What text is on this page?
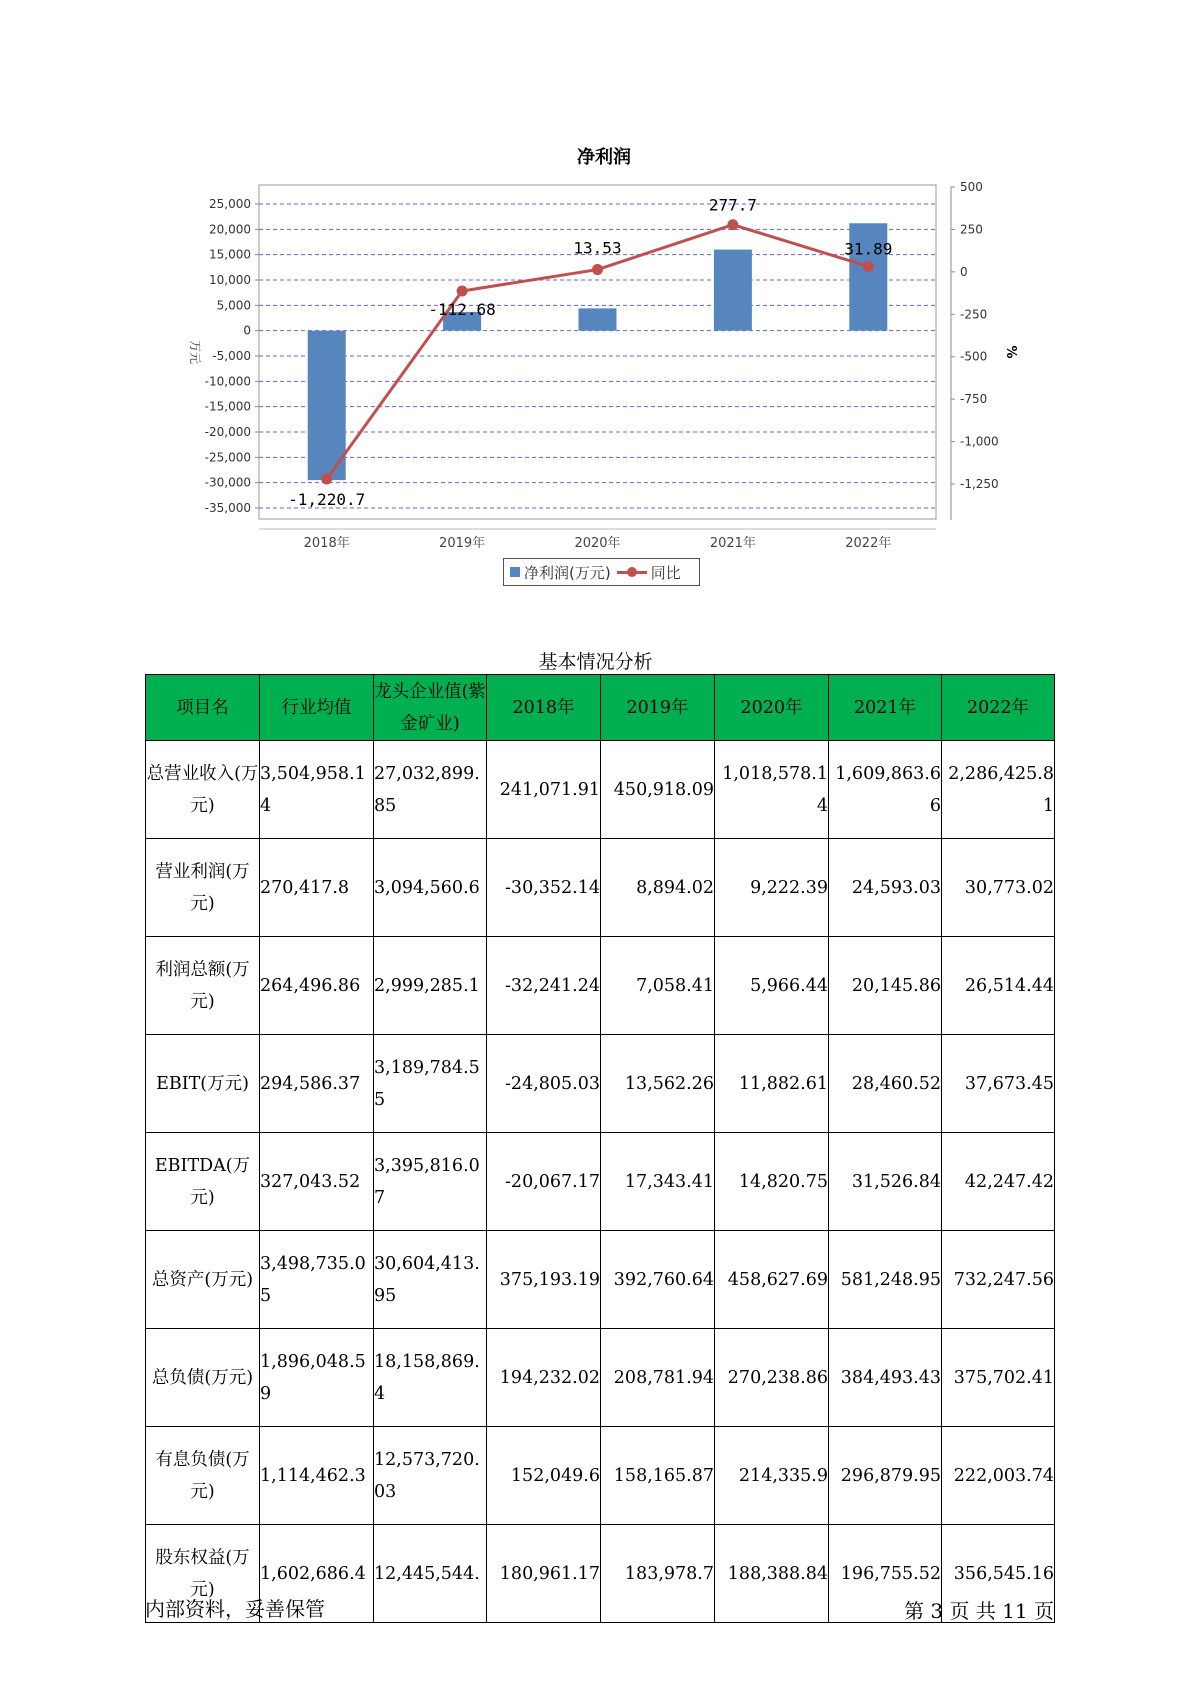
净利润
25,000
20,000
15,000
10,000
5,000
0
-5,000
-10,000
-15,000
-20,000
-25,000
-30,000
-35,000
500
250
0
-250
-500
-750
-1,000
-1,250
万元	%
2018年	2019年	2020年	2021年	2022年
-1,220.7
-112.68
13.53
277.7
31.89
净利润(万元)	同比
基本情况分析
项目名	行业均值	龙头企业值(紫金矿业)	2018年	2019年	2020年	2021年	2022年
总营业收入(万元)	3,504,958.14	27,032,899.85	241,071.91	450,918.09	1,018,578.14	1,609,863.66	2,286,425.81
营业利润(万元)	270,417.8	3,094,560.6	-30,352.14	8,894.02	9,222.39	24,593.03	30,773.02
利润总额(万元)	264,496.86	2,999,285.1	-32,241.24	7,058.41	5,966.44	20,145.86	26,514.44
EBIT(万元)	294,586.37	3,189,784.55	-24,805.03	13,562.26	11,882.61	28,460.52	37,673.45
EBITDA(万元)	327,043.52	3,395,816.07	-20,067.17	17,343.41	14,820.75	31,526.84	42,247.42
总资产(万元)	3,498,735.05	30,604,413.95	375,193.19	392,760.64	458,627.69	581,248.95	732,247.56
总负债(万元)	1,896,048.59	18,158,869.4	194,232.02	208,781.94	270,238.86	384,493.43	375,702.41
有息负债(万元)	1,114,462.3	12,573,720.03	152,049.6	158,165.87	214,335.9	296,879.95	222,003.74
股东权益(万元)	1,602,686.4	12,445,544.	180,961.17	183,978.7	188,388.84	196,755.52	356,545.16
内部资料，妥善保管	第 3 页 共 11 页
